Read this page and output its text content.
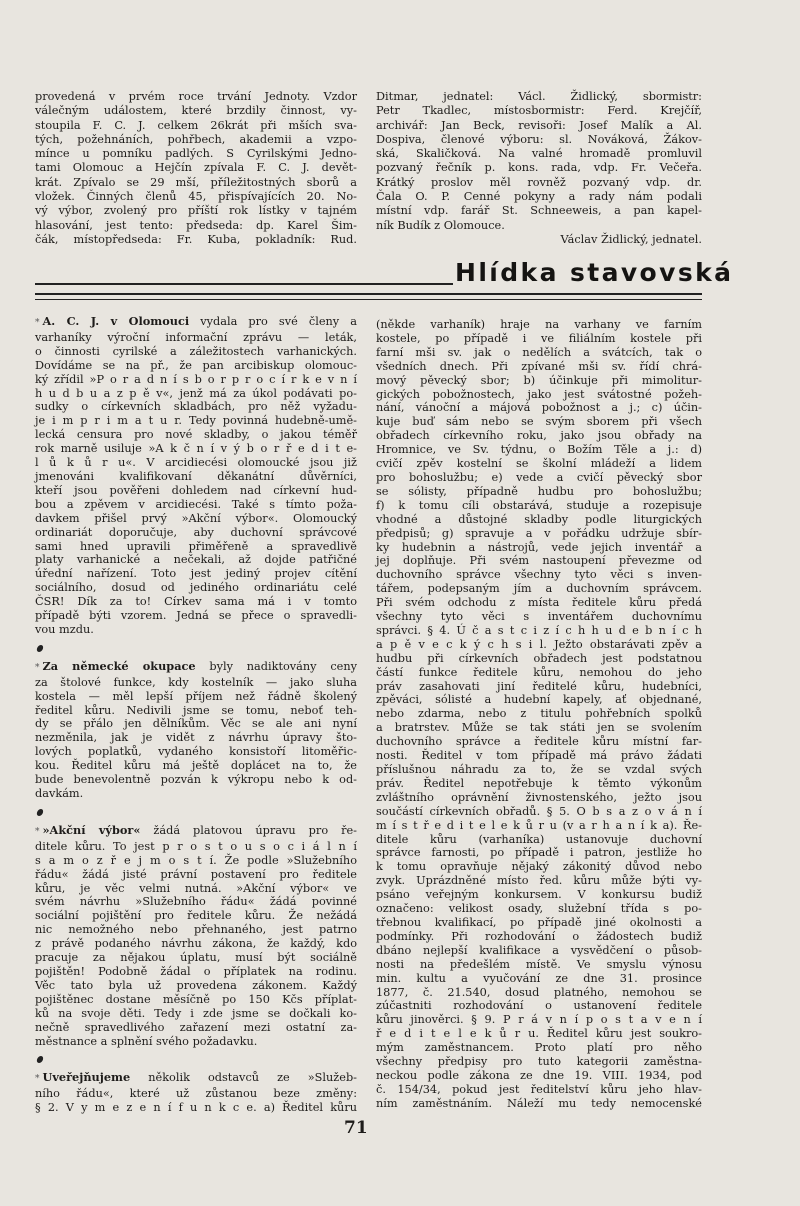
provedená v prvém roce trvání Jednoty. Vzdor
válečným událostem, které brzdily činnost, vy-
stoupila F. C. J. celkem 26krát při mších sva-
tých, požehnáních, pohřbech, akademii a vzpo-
mínce u pomníku padlých. S Cyrilskými Jedno-
tami Olomouc a Hejčín zpívala F. C. J. devět-
krát. Zpívalo se 29 mší, příležitostných sborů a
vložek. Činných členů 45, přispívajících 20. No-
vý výbor, zvolený pro příští rok lístky v tajném
hlasování, jest tento: předseda: dp. Karel Šim-
čák, místopředseda: Fr. Kuba, pokladník: Rud.
Ditmar, jednatel: Václ. Židlický, sbormistr:
Petr Tkadlec, místosbormistr: Ferd. Krejčíř,
archivář: Jan Beck, revisoři: Josef Malík a Al.
Dospiva, členové výboru: sl. Nováková, Žákov-
ská, Skaličková. Na valné hromadě promluvil
pozvaný řečník p. kons. rada, vdp. Fr. Večeřa.
Krátký proslov měl rovněž pozvaný vdp. dr.
Čala O. P. Cenné pokyny a rady nám podali
místní vdp. farář St. Schneeweis, a pan kapel-
ník Budík z Olomouce.
Václav Židlický, jednatel.
Hlídka stavovská
* A. C. J. v Olomouci vydala pro své členy a
varhaníky výroční informační zprávu — leták,
o činnosti cyrilské a záležitostech varhanických.
Dovídáme se na př., že pan arcibiskup olomouc-
ký zřídil »P o r a d n í s b o r p r o c í r k e v n í
h u d b u a z p ě v«, jenž má za úkol podávati po-
sudky o církevních skladbách, pro něž vyžadu-
je i m p r i m a t u r. Tedy povinná hudebně-umě-
lecká censura pro nové skladby, o jakou téměř
rok marně usiluje »A k č n í v ý b o r ř e d i t e-
l ů k ů r u«. V arcidiecési olomoucké jsou již
jmenováni kvalifikovaní děkanátní důvěrníci,
kteří jsou pověřeni dohledem nad církevní hud-
bou a zpěvem v arcidiecési. Také s tímto poža-
davkem přišel prvý »Akční výbor«. Olomoucký
ordinariát doporučuje, aby duchovní správcové
sami hned upravili přiměřeně a spravedlivě
platy varhanické a nečekali, až dojde patřičné
úřední nařízení. Toto jest jediný projev cítění
sociálního, dosud od jediného ordinariátu celé
ČSR! Dík za to! Církev sama má i v tomto
případě býti vzorem. Jedná se přece o spravedli-
vou mzdu.
* Za německé okupace byly nadiktovány ceny
za štolové funkce, kdy kostelník — jako sluha
kostela — měl lepší příjem než řádně školený
ředitel kůru. Nedivili jsme se tomu, neboť teh-
dy se přálo jen dělníkům. Věc se ale ani nyní
nezměnila, jak je vidět z návrhu úpravy što-
lových poplatků, vydaného konsistoří litoměřic-
kou. Ředitel kůru má ještě doplácet na to, že
bude benevolentně pozván k výkropu nebo k od-
davkám.
* »Akční výbor« žádá platovou úpravu pro ře-
ditele kůru. To jest p r o s t o u s o c i á l n í
s a m o z ř e j m o s t í. Že podle »Služebního
řádu« žádá jisté právní postavení pro ředitele
kůru, je věc velmi nutná. »Akční výbor« ve
svém návrhu »Služebního řádu« žádá povinné
sociální pojištění pro ředitele kůru. Že nežádá
nic nemožného nebo přehnaného, jest patrno
z právě podaného návrhu zákona, že každý, kdo
pracuje za nějakou úplatu, musí být sociálně
pojištěn! Podobně žádal o příplatek na rodinu.
Věc tato byla už provedena zákonem. Každý
pojištěnec dostane měsíčně po 150 Kčs příplat-
ků na svoje děti. Tedy i zde jsme se dočkali ko-
nečně spravedlivého zařazení mezi ostatní za-
městnance a splnění svého požadavku.
* Uveřejňujeme několik odstavců ze »Služeb-
ního řádu«, které už zůstanou beze změny:
§ 2. V y m e z e n í f u n k c e. a) Ředitel kůru
(někde varhaník) hraje na varhany ve farním
kostele, po případě i ve filiálním kostele při
farní mši sv. jak o nedělích a svátcích, tak o
všedních dnech. Při zpívané mši sv. řídí chrá-
mový pěvecký sbor; b) účinkuje při mimolitur-
gických pobožnostech, jako jest svátostné požeh-
nání, vánoční a májová pobožnost a j.; c) účin-
kuje buď sám nebo se svým sborem při všech
obřadech církevního roku, jako jsou obřady na
Hromnice, ve Sv. týdnu, o Božím Těle a j.: d)
cvičí zpěv kostelní se školní mládeží a lidem
pro bohoslužbu; e) vede a cvičí pěvecký sbor
se sólisty, případně hudbu pro bohoslužbu;
f) k tomu cíli obstarává, studuje a rozepisuje
vhodné a důstojné skladby podle liturgických
předpisů; g) spravuje a v pořádku udržuje sbír-
ky hudebnin a nástrojů, vede jejich inventář a
jej doplňuje. Při svém nastoupení převezme od
duchovního správce všechny tyto věci s inven-
tářem, podepsaným jím a duchovním správcem.
Při svém odchodu z místa ředitele kůru předá
všechny tyto věci s inventářem duchovnímu
správci. § 4. Ú č a s t c i z í c h h u d e b n í c h
a p ě v e c k ý c h s i l. Ježto obstarávati zpěv a
hudbu při církevních obřadech jest podstatnou
částí funkce ředitele kůru, nemohou do jeho
práv zasahovati jiní ředitelé kůru, hudebníci,
zpěváci, sólisté a hudební kapely, ať objednané,
nebo zdarma, nebo z titulu pohřebních spolků
a bratrstev. Může se tak státi jen se svolením
duchovního správce a ředitele kůru místní far-
nosti. Ředitel v tom případě má právo žádati
příslušnou náhradu za to, že se vzdal svých
práv. Ředitel nepotřebuje k těmto výkonům
zvláštního oprávnění živnostenského, ježto jsou
součástí církevních obřadů. § 5. O b s a z o v á n í
m í s t ř e d i t e l e k ů r u (v a r h a n í k a). Ře-
ditele kůru (varhaníka) ustanovuje duchovní
správce farnosti, po případě i patron, jestliže ho
k tomu opravňuje nějaký zákonitý důvod nebo
zvyk. Uprázdněné místo řed. kůru může býti vy-
psáno veřejným konkursem. V konkursu budiž
označeno: velikost osady, služební třída s po-
třebnou kvalifikací, po případě jiné okolnosti a
podmínky. Při rozhodování o žádostech budiž
dbáno nejlepší kvalifikace a vysvědčení o působ-
nosti na předešlém místě. Ve smyslu výnosu
min. kultu a vyučování ze dne 31. prosince
1877, č. 21.540, dosud platného, nemohou se
zúčastniti rozhodování o ustanovení ředitele
kůru jinověrci. § 9. P r á v n í p o s t a v e n í
ř e d i t e l e k ů r u. Ředitel kůru jest soukro-
mým zaměstnancem. Proto platí pro něho
všechny předpisy pro tuto kategorii zaměstna-
neckou podle zákona ze dne 19. VIII. 1934, pod
č. 154/34, pokud jest ředitelství kůru jeho hlav-
ním zaměstnáním. Náleží mu tedy nemocenské
71
